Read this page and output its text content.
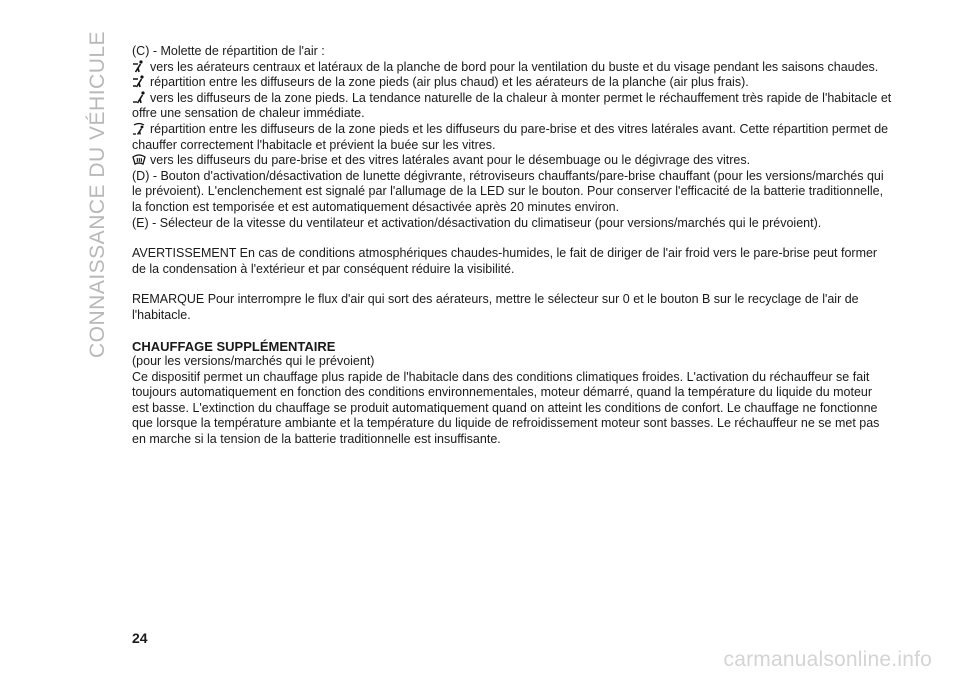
CONNAISSANCE DU VÉHICULE (C) - Molette de répartition de l'air :

vers les aérateurs centraux et latéraux de la planche de bord pour la ventilation du buste et du visage pendant les saisons chaudes.

répartition entre les diffuseurs de la zone pieds (air plus chaud) et les aérateurs de la planche (air plus frais).

vers les diffuseurs de la zone pieds. La tendance naturelle de la chaleur à monter permet le réchauffement très rapide de l'habitacle et offre une sensation de chaleur immédiate.

répartition entre les diffuseurs de la zone pieds et les diffuseurs du pare-brise et des vitres latérales avant. Cette répartition permet de chauffer correctement l'habitacle et prévient la buée sur les vitres.

vers les diffuseurs du pare-brise et des vitres latérales avant pour le désembuage ou le dégivrage des vitres.

(D) - Bouton d'activation/désactivation de lunette dégivrante, rétroviseurs chauffants/pare-brise chauffant (pour les versions/marchés qui le prévoient). L'enclenchement est signalé par l'allumage de la LED sur le bouton. Pour conserver l'efficacité de la batterie traditionnelle, la fonction est temporisée et est automatiquement désactivée après 20 minutes environ.

(E) - Sélecteur de la vitesse du ventilateur et activation/désactivation du climatiseur (pour versions/marchés qui le prévoient).

AVERTISSEMENT En cas de conditions atmosphériques chaudes-humides, le fait de diriger de l'air froid vers le pare-brise peut former de la condensation à l'extérieur et par conséquent réduire la visibilité.

REMARQUE Pour interrompre le flux d'air qui sort des aérateurs, mettre le sélecteur sur 0 et le bouton B sur le recyclage de l'air de l'habitacle.

CHAUFFAGE SUPPLÉMENTAIRE

(pour les versions/marchés qui le prévoient)

Ce dispositif permet un chauffage plus rapide de l'habitacle dans des conditions climatiques froides. L'activation du réchauffeur se fait toujours automatiquement en fonction des conditions environnementales, moteur démarré, quand la température du liquide du moteur est basse. L'extinction du chauffage se produit automatiquement quand on atteint les conditions de confort. Le chauffage ne fonctionne que lorsque la température ambiante et la température du liquide de refroidissement moteur sont basses. Le réchauffeur ne se met pas en marche si la tension de la batterie traditionnelle est insuffisante.

24
carmanualsonline.info
